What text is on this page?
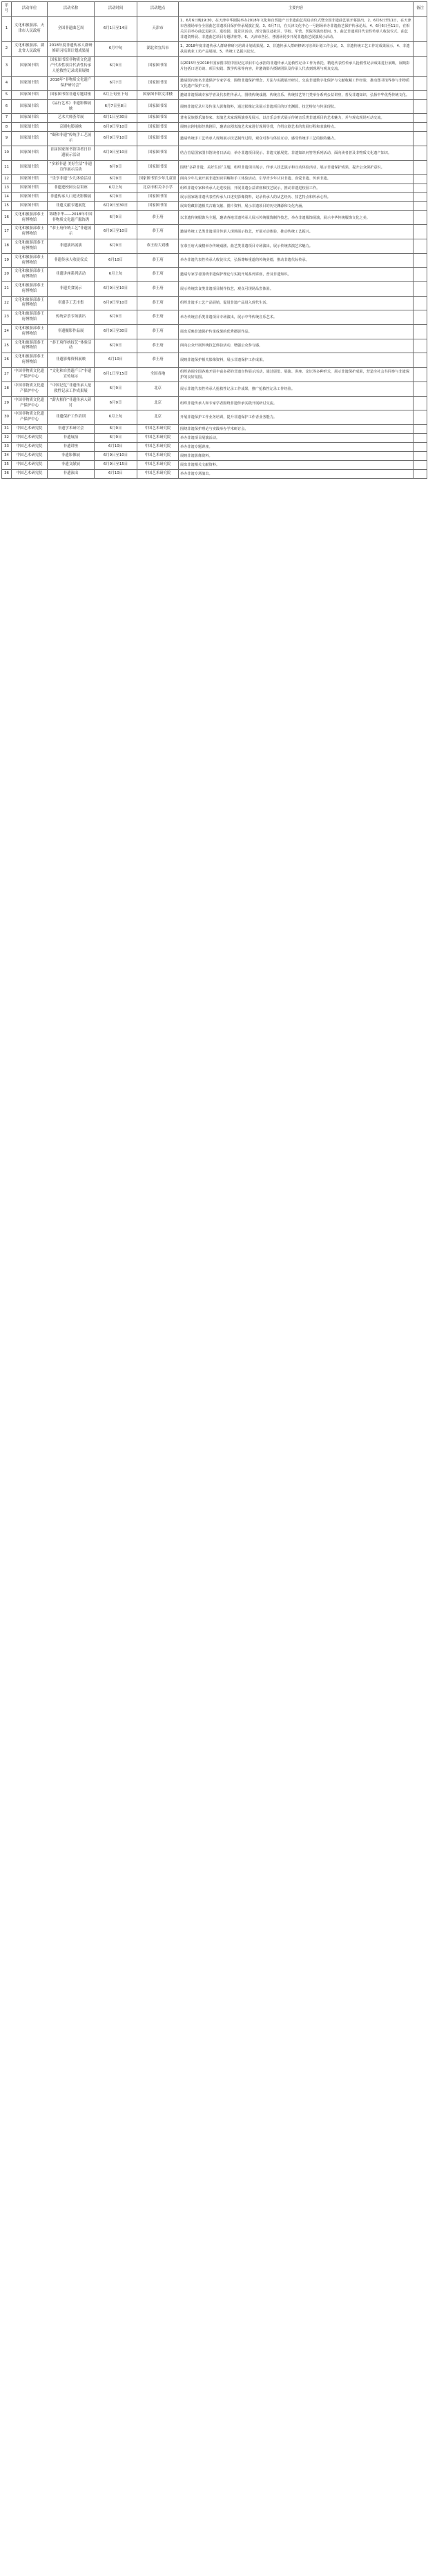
序号	活动单位	活动名称	活动时间	活动地点	主要内容	备注
1	文化和旅游部、天津市人民政府	全国非遗曲艺周	6月1日至14日	天津市	1、6月6日晚19:30，在天津中华剧院举办2018年文化和自然遗产日非遗曲艺周启动仪式暨全国非遗曲艺展开幕演出。2、6月6日至11日，在天津市各剧场举办全国曲艺非遗项目保护传承展演汇报。3、6月7日，在天津文化中心一号剧场举办非遗曲艺保护传承论坛。4、6月6日至11日，在相关区县举办曲艺进社区、进校园、进景区活动，部分演员赴社区、学校、军营、医院等演出慰问。5、曲艺非遗项目代表性传承人收徒仪式、曲艺非遗资料展、非遗曲艺项目专题讲座等。6、天津市各区、各剧场同步开展非遗曲艺展演展示活动。	
2	文化和旅游部、湖北省人民政府	2018年度非遗传承人群研修研习培训计划成果展	6月中旬	湖北省宜昌市	1、2018年度非遗传承人群研修研习培训计划成果展。2、非遗传承人群研修研习培训计划工作会议。3、非遗传统工艺工作站成果展示。4、非遗扶贫就业工坊产品展销。5、传统工艺振兴论坛。	
3	国家图书馆	国家图书馆非物质文化遗产代表性项目代表性传承人抢救性记录成果展映	6月9日	国家图书馆	以2015年至2018年国家图书馆中国记忆项目中心承担的非遗传承人抢救性记录工作为依托，精选代表性传承人抢救性记录成果进行展映，展映影片包括口述访谈、项目实践、教学传承等内容，并邀请影片摄制团队及传承人代表到现场与观众交流。	
4	国家图书馆	2018年“非物质文化遗产保护研讨会”	6月7日	国家图书馆	邀请国内知名非遗保护专家学者，围绕非遗保护理念、方法与实践展开研讨，交流非遗数字化保护与文献收藏工作经验，推动图书馆界参与非物质文化遗产保护工作。	
5	国家图书馆	国家图书馆非遗专题讲座	6月上旬至下旬	国家图书馆文津楼	邀请非遗领域专家学者及代表性传承人，围绕传统戏剧、传统音乐、传统技艺等门类举办系列公益讲座，普及非遗知识，弘扬中华优秀传统文化。	
6	国家图书馆	《品行艺术》非遗影像展映	6月7日至8日	国家图书馆	展映非遗纪录片及传承人影像资料，通过影像记录展示非遗项目的历史渊源、技艺特征与传承现状。	
7	国家图书馆	艺术大师荟萃展	6月1日至30日	国家图书馆	著名民族器乐演奏家、表演艺术家现场演奏及展示，以音乐会形式展示传统音乐类非遗项目的艺术魅力，并与观众现场互动交流。	
8	国家图书馆	京剧电影展映	6月9日至10日	国家图书馆	展映京剧电影经典剧目，邀请京剧表演艺术家进行现场导赏，介绍京剧艺术的发展历程和表演特点。	
9	国家图书馆	“颐和非遗”传统手工艺展示	6月9日至10日	国家图书馆	邀请传统手工艺传承人现场展示技艺制作过程，观众可参与体验互动，感受传统手工艺的独特魅力。	
10	国家图书馆	首届国家图书馆读者日非遗展示活动	6月9日至10日	国家图书馆	结合首届国家图书馆读者日活动，举办非遗项目展示、非遗文献展览、非遗知识问答等系列活动，面向读者普及非物质文化遗产知识。	
11	国家图书馆	“多彩非遗 美好生活”非遗宣传展示活动	6月9日	国家图书馆	围绕“多彩非遗，美好生活”主题，组织非遗项目展示、传承人技艺演示和互动体验活动，展示非遗保护成果，提升公众保护意识。	
12	国家图书馆	“乐享非遗”少儿体验活动	6月9日	国家图书馆少年儿童馆	面向少年儿童开展非遗知识讲解和手工体验活动，引导青少年认识非遗、喜爱非遗、传承非遗。	
13	国家图书馆	非遗进校园公益讲座	6月上旬	北京市相关中小学	组织非遗专家和传承人走进校园，开展非遗公益讲座和技艺展示，推动非遗进校园工作。	
14	国家图书馆	非遗传承人口述史影像展	6月9日	国家图书馆	展示国家级非遗代表性传承人口述史影像资料，记录传承人的从艺经历、技艺特点和传承心得。	
15	国家图书馆	非遗文献专题展览	6月9日至30日	国家图书馆	展出馆藏非遗相关古籍文献、图片资料，展示非遗项目的历史渊源和文化内涵。	
16	文化和旅游部恭王府博物馆	锦绣中华——2018年中国非物质文化遗产服饰秀	6月9日	恭王府	以非遗传统服饰为主题，邀请各地非遗传承人展示传统服饰制作技艺，举办非遗服饰展演，展示中华传统服饰文化之美。	
17	文化和旅游部恭王府博物馆	“恭王府传统工艺”非遗展示	6月9日至10日	恭王府	邀请传统工艺类非遗项目传承人现场展示技艺，开展互动体验，推动传统工艺振兴。	
18	文化和旅游部恭王府博物馆	非遗演出展演	6月9日	恭王府大戏楼	在恭王府大戏楼举办传统戏剧、曲艺类非遗项目专场演出，展示传统表演艺术魅力。	
19	文化和旅游部恭王府博物馆	非遗传承人收徒仪式	6月10日	恭王府	举办非遗代表性传承人收徒仪式，弘扬尊师重道的传统美德，推动非遗代际传承。	
20	文化和旅游部恭王府博物馆	非遗讲座系列活动	6月上旬	恭王府	邀请专家学者围绕非遗保护理论与实践开展系列讲座，普及非遗知识。	
21	文化和旅游部恭王府博物馆	非遗美食展示	6月9日至10日	恭王府	展示传统饮食类非遗项目制作技艺，观众可现场品尝体验。	
22	文化和旅游部恭王府博物馆	非遗手工艺市集	6月9日至10日	恭王府	组织非遗手工艺产品展销，促进非遗产品进入现代生活。	
23	文化和旅游部恭王府博物馆	传统音乐专场演出	6月9日	恭王府	举办传统音乐类非遗项目专场演出，展示中华传统音乐艺术。	
24	文化和旅游部恭王府博物馆	非遗摄影作品展	6月9日至30日	恭王府	展出反映非遗保护传承成果的优秀摄影作品。	
25	文化和旅游部恭王府博物馆	“恭王府传统技艺”体验活动	6月9日	恭王府	面向公众开展传统技艺体验活动，增强公众参与感。	
26	文化和旅游部恭王府博物馆	非遗影像资料展映	6月10日	恭王府	展映非遗保护相关影像资料，展示非遗保护工作成果。	
27	中国非物质文化遗产保护中心	“文化和自然遗产日”非遗宣传展示	6月1日至15日	全国各地	组织协调全国各地开展丰富多彩的非遗宣传展示活动，通过展览、展演、讲座、论坛等多种形式，展示非遗保护成果，营造全社会共同参与非遗保护的良好氛围。	
28	中国非物质文化遗产保护中心	“中国记忆”非遗传承人抢救性记录工作成果展	6月9日	北京	展示非遗代表性传承人抢救性记录工作成果，推广抢救性记录工作经验。	
29	中国非物质文化遗产保护中心	“薪火相传”非遗传承人研讨	6月9日	北京	组织非遗传承人和专家学者围绕非遗传承实践开展研讨交流。	
30	中国非物质文化遗产保护中心	非遗保护工作培训	6月上旬	北京	开展非遗保护工作业务培训，提升非遗保护工作者业务能力。	
31	中国艺术研究院	非遗学术研讨会	6月9日	中国艺术研究院	围绕非遗保护理论与实践举办学术研讨会。	
32	中国艺术研究院	非遗展演	6月9日	中国艺术研究院	举办非遗项目展演活动。	
33	中国艺术研究院	非遗讲座	6月10日	中国艺术研究院	举办非遗专题讲座。	
34	中国艺术研究院	非遗影像展	6月9日至10日	中国艺术研究院	展映非遗影像资料。	
35	中国艺术研究院	非遗文献展	6月9日至15日	中国艺术研究院	展出非遗相关文献资料。	
36	中国艺术研究院	非遗演出	6月10日	中国艺术研究院	举办非遗专场演出。	
